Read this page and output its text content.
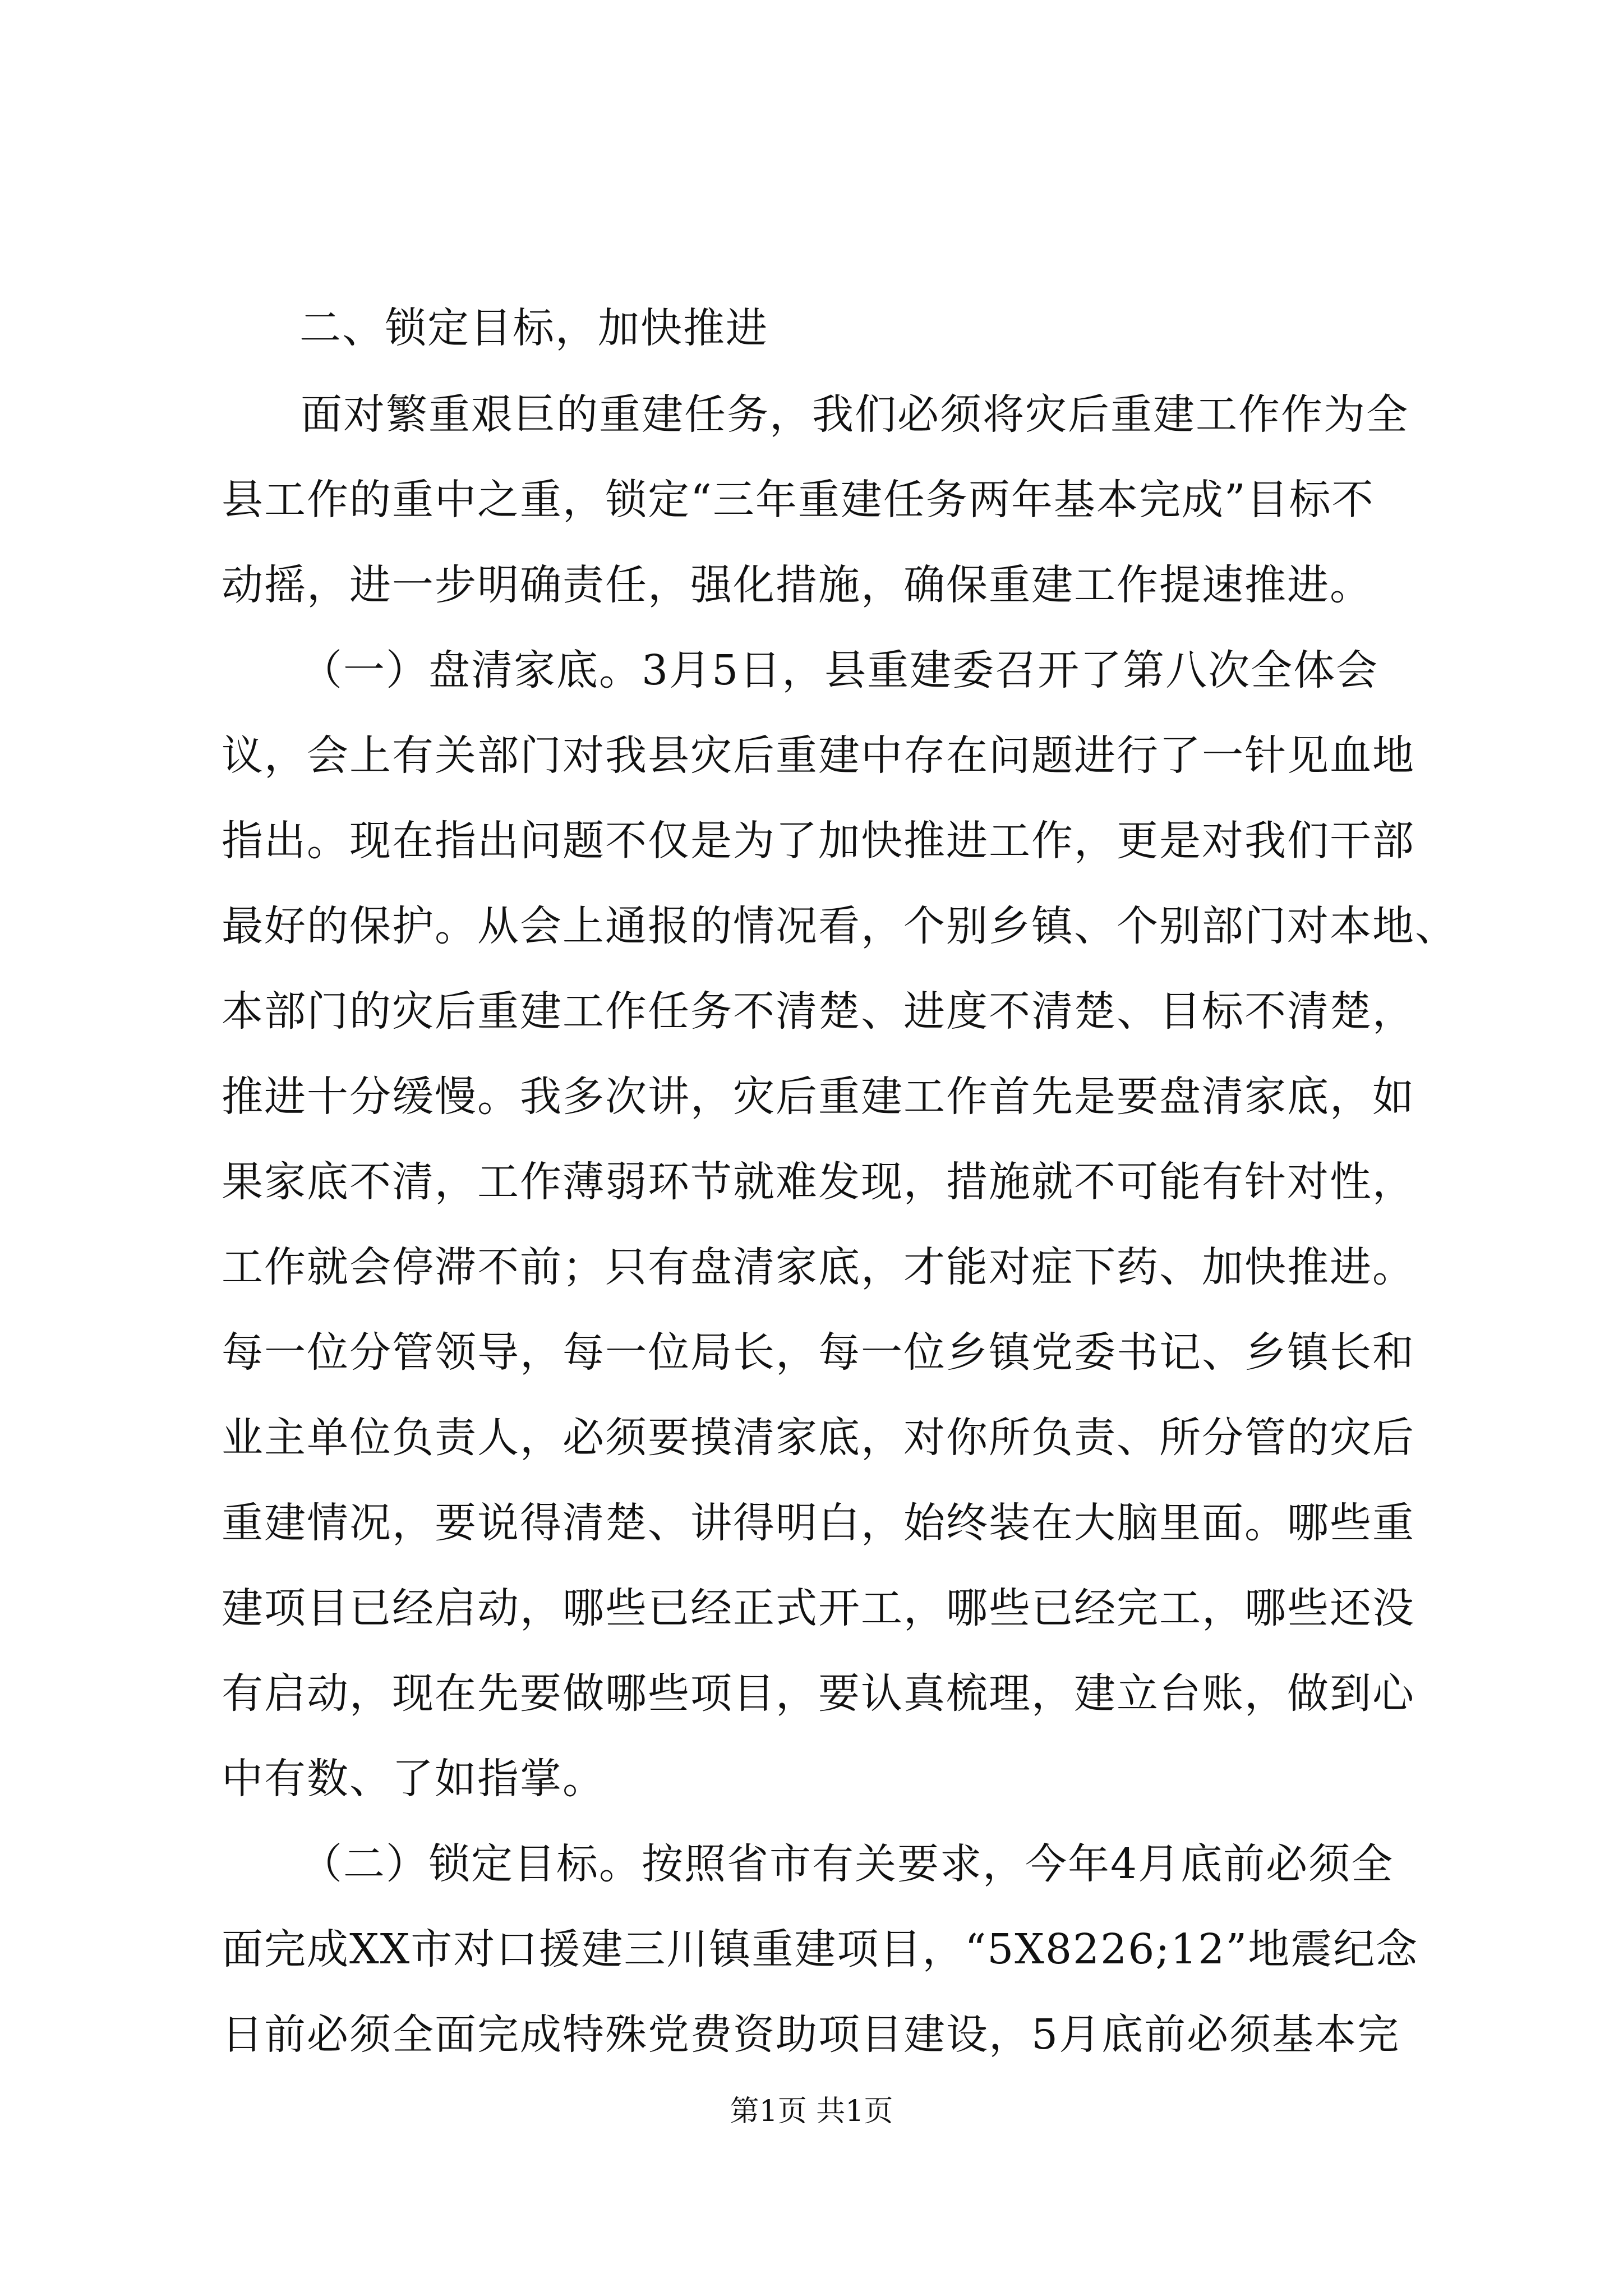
二、锁定目标，加快推进
面对繁重艰巨的重建任务，我们必须将灾后重建工作作为全
县工作的重中之重，锁定“三年重建任务两年基本完成”目标不
动摇，进一步明确责任，强化措施，确保重建工作提速推进。
（一）盘清家底。3月5日，县重建委召开了第八次全体会
议，会上有关部门对我县灾后重建中存在问题进行了一针见血地
指出。现在指出问题不仅是为了加快推进工作，更是对我们干部
最好的保护。从会上通报的情况看，个别乡镇、个别部门对本地、
本部门的灾后重建工作任务不清楚、进度不清楚、目标不清楚，
推进十分缓慢。我多次讲，灾后重建工作首先是要盘清家底，如
果家底不清，工作薄弱环节就难发现，措施就不可能有针对性，
工作就会停滞不前；只有盘清家底，才能对症下药、加快推进。
每一位分管领导，每一位局长，每一位乡镇党委书记、乡镇长和
业主单位负责人，必须要摸清家底，对你所负责、所分管的灾后
重建情况，要说得清楚、讲得明白，始终装在大脑里面。哪些重
建项目已经启动，哪些已经正式开工，哪些已经完工，哪些还没
有启动，现在先要做哪些项目，要认真梳理，建立台账，做到心
中有数、了如指掌。
（二）锁定目标。按照省市有关要求，今年4月底前必须全
面完成XX市对口援建三川镇重建项目，“5X8226;12”地震纪念
日前必须全面完成特殊党费资助项目建设，5月底前必须基本完
第1页 共1页
